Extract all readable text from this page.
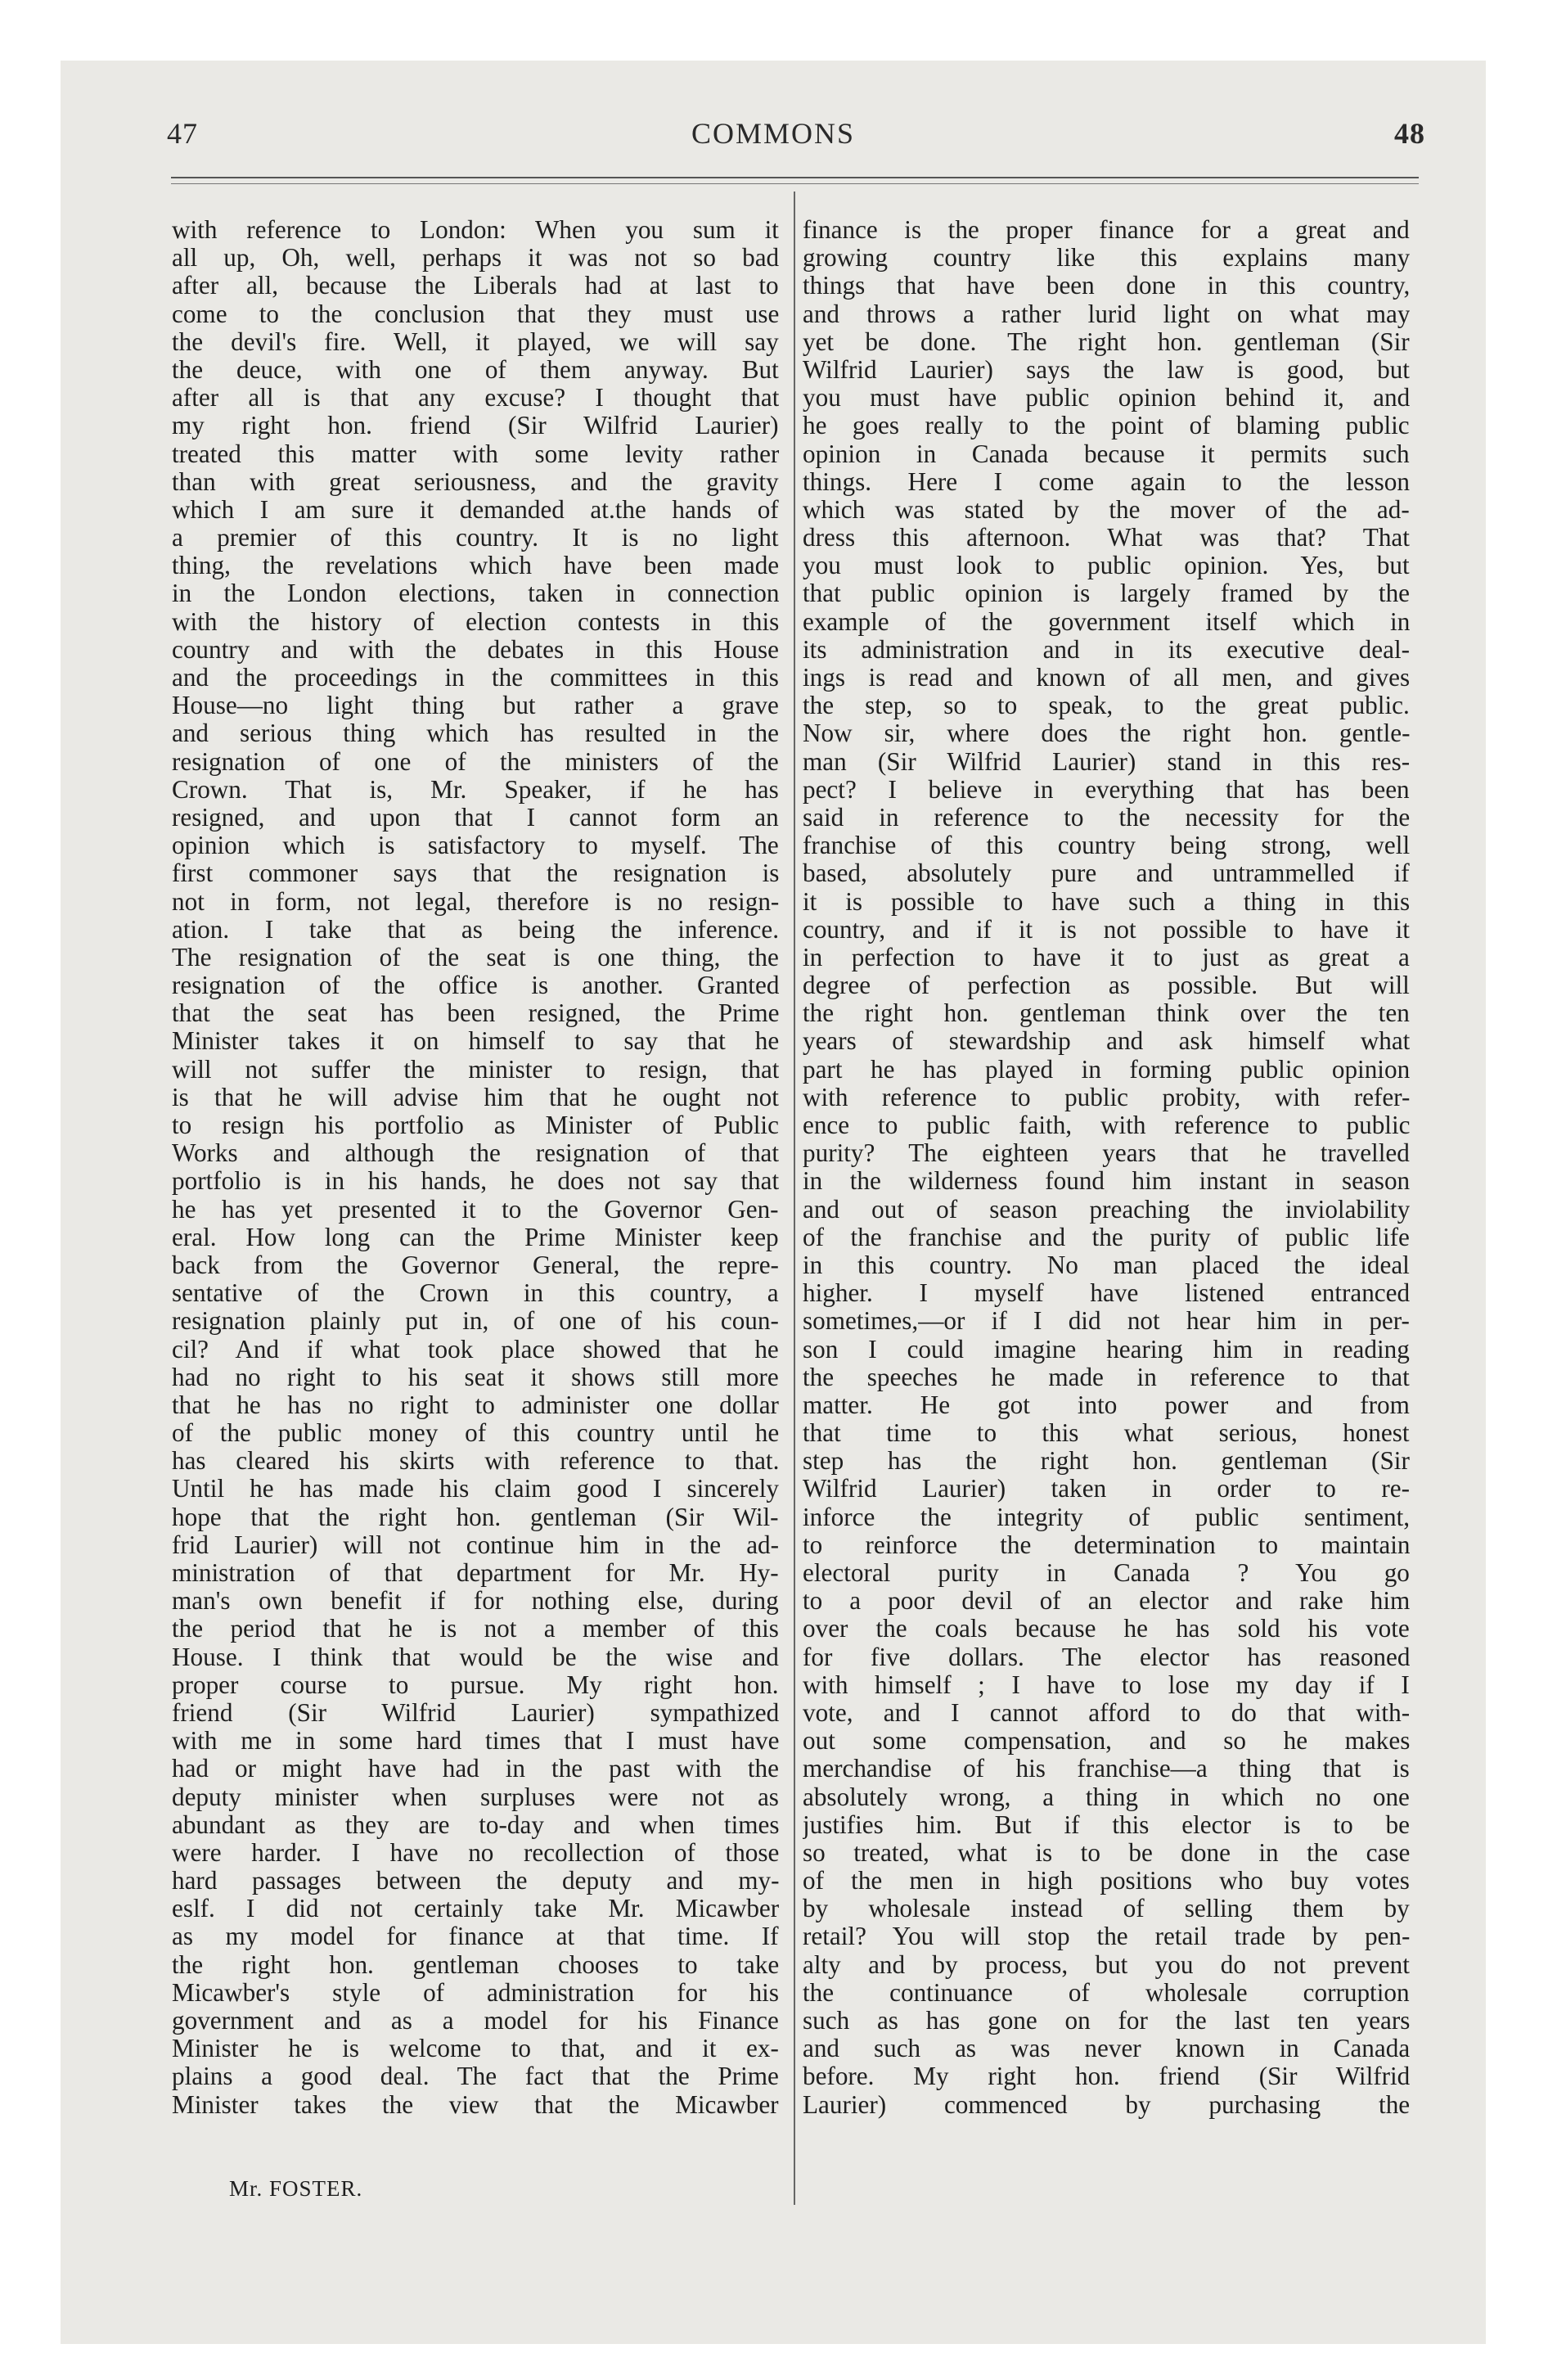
47	COMMONS	48
with reference to London: When you sum it
all up, Oh, well, perhaps it was not so bad
after all, because the Liberals had at last to
come to the conclusion that they must use
the devil's fire. Well, it played, we will say
the deuce, with one of them anyway. But
after all is that any excuse? I thought that
my right hon. friend (Sir Wilfrid Laurier)
treated this matter with some levity rather
than with great seriousness, and the gravity
which I am sure it demanded at.the hands of
a premier of this country. It is no light
thing, the revelations which have been made
in the London elections, taken in connection
with the history of election contests in this
country and with the debates in this House
and the proceedings in the committees in this
House—no light thing but rather a grave
and serious thing which has resulted in the
resignation of one of the ministers of the
Crown. That is, Mr. Speaker, if he has
resigned, and upon that I cannot form an
opinion which is satisfactory to myself. The
first commoner says that the resignation is
not in form, not legal, therefore is no resign-
ation. I take that as being the inference.
The resignation of the seat is one thing, the
resignation of the office is another. Granted
that the seat has been resigned, the Prime
Minister takes it on himself to say that he
will not suffer the minister to resign, that
is that he will advise him that he ought not
to resign his portfolio as Minister of Public
Works and although the resignation of that
portfolio is in his hands, he does not say that
he has yet presented it to the Governor Gen-
eral. How long can the Prime Minister keep
back from the Governor General, the repre-
sentative of the Crown in this country, a
resignation plainly put in, of one of his coun-
cil? And if what took place showed that he
had no right to his seat it shows still more
that he has no right to administer one dollar
of the public money of this country until he
has cleared his skirts with reference to that.
Until he has made his claim good I sincerely
hope that the right hon. gentleman (Sir Wil-
frid Laurier) will not continue him in the ad-
ministration of that department for Mr. Hy-
man's own benefit if for nothing else, during
the period that he is not a member of this
House. I think that would be the wise and
proper course to pursue. My right hon.
friend (Sir Wilfrid Laurier) sympathized
with me in some hard times that I must have
had or might have had in the past with the
deputy minister when surpluses were not as
abundant as they are to-day and when times
were harder. I have no recollection of those
hard passages between the deputy and my-
eslf. I did not certainly take Mr. Micawber
as my model for finance at that time. If
the right hon. gentleman chooses to take
Micawber's style of administration for his
government and as a model for his Finance
Minister he is welcome to that, and it ex-
plains a good deal. The fact that the Prime
Minister takes the view that the Micawber
finance is the proper finance for a great and
growing country like this explains many
things that have been done in this country,
and throws a rather lurid light on what may
yet be done. The right hon. gentleman (Sir
Wilfrid Laurier) says the law is good, but
you must have public opinion behind it, and
he goes really to the point of blaming public
opinion in Canada because it permits such
things. Here I come again to the lesson
which was stated by the mover of the ad-
dress this afternoon. What was that? That
you must look to public opinion. Yes, but
that public opinion is largely framed by the
example of the government itself which in
its administration and in its executive deal-
ings is read and known of all men, and gives
the step, so to speak, to the great public.
Now sir, where does the right hon. gentle-
man (Sir Wilfrid Laurier) stand in this res-
pect? I believe in everything that has been
said in reference to the necessity for the
franchise of this country being strong, well
based, absolutely pure and untrammelled if
it is possible to have such a thing in this
country, and if it is not possible to have it
in perfection to have it to just as great a
degree of perfection as possible. But will
the right hon. gentleman think over the ten
years of stewardship and ask himself what
part he has played in forming public opinion
with reference to public probity, with refer-
ence to public faith, with reference to public
purity? The eighteen years that he travelled
in the wilderness found him instant in season
and out of season preaching the inviolability
of the franchise and the purity of public life
in this country. No man placed the ideal
higher. I myself have listened entranced
sometimes,—or if I did not hear him in per-
son I could imagine hearing him in reading
the speeches he made in reference to that
matter. He got into power and from
that time to this what serious, honest
step has the right hon. gentleman (Sir
Wilfrid Laurier) taken in order to re-
inforce the integrity of public sentiment,
to reinforce the determination to maintain
electoral purity in Canada ? You go
to a poor devil of an elector and rake him
over the coals because he has sold his vote
for five dollars. The elector has reasoned
with himself ; I have to lose my day if I
vote, and I cannot afford to do that with-
out some compensation, and so he makes
merchandise of his franchise—a thing that is
absolutely wrong, a thing in which no one
justifies him. But if this elector is to be
so treated, what is to be done in the case
of the men in high positions who buy votes
by wholesale instead of selling them by
retail? You will stop the retail trade by pen-
alty and by process, but you do not prevent
the continuance of wholesale corruption
such as has gone on for the last ten years
and such as was never known in Canada
before. My right hon. friend (Sir Wilfrid
Laurier) commenced by purchasing the
Mr. FOSTER.
